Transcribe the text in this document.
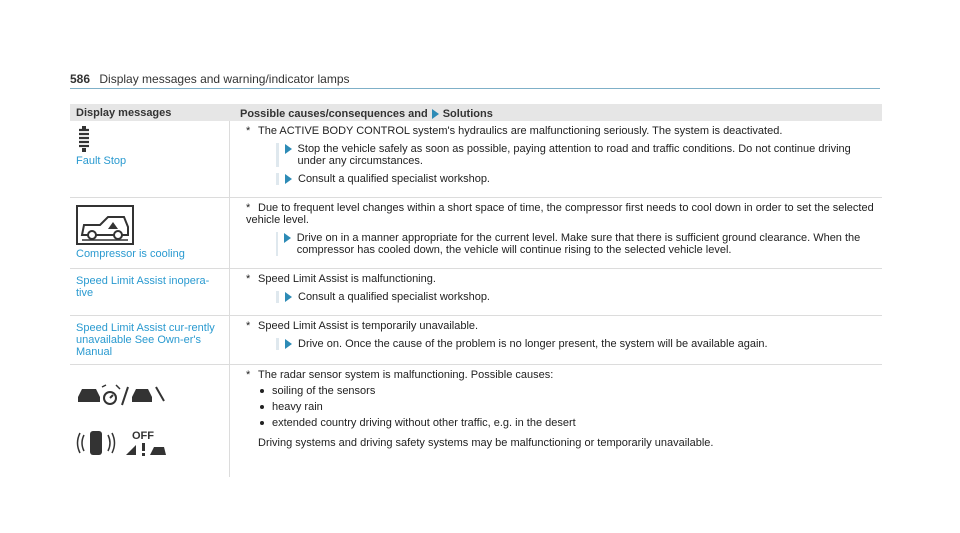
586 Display messages and warning/indicator lamps
Display messages	Possible causes/consequences and Solutions
Fault Stop
* The ACTIVE BODY CONTROL system's hydraulics are malfunctioning seriously. The system is deactivated.
Stop the vehicle safely as soon as possible, paying attention to road and traffic conditions. Do not continue driving under any circumstances.
Consult a qualified specialist workshop.
Compressor is cooling
* Due to frequent level changes within a short space of time, the compressor first needs to cool down in order to set the selected vehicle level.
Drive on in a manner appropriate for the current level. Make sure that there is sufficient ground clearance. When the compressor has cooled down, the vehicle will continue rising to the selected vehicle level.
Speed Limit Assist inopera-tive
* Speed Limit Assist is malfunctioning.
Consult a qualified specialist workshop.
Speed Limit Assist cur-rently unavailable See Own-er's Manual
* Speed Limit Assist is temporarily unavailable.
Drive on. Once the cause of the problem is no longer present, the system will be available again.
OFF
* The radar sensor system is malfunctioning. Possible causes:
soiling of the sensors
heavy rain
extended country driving without other traffic, e.g. in the desert
Driving systems and driving safety systems may be malfunctioning or temporarily unavailable.
